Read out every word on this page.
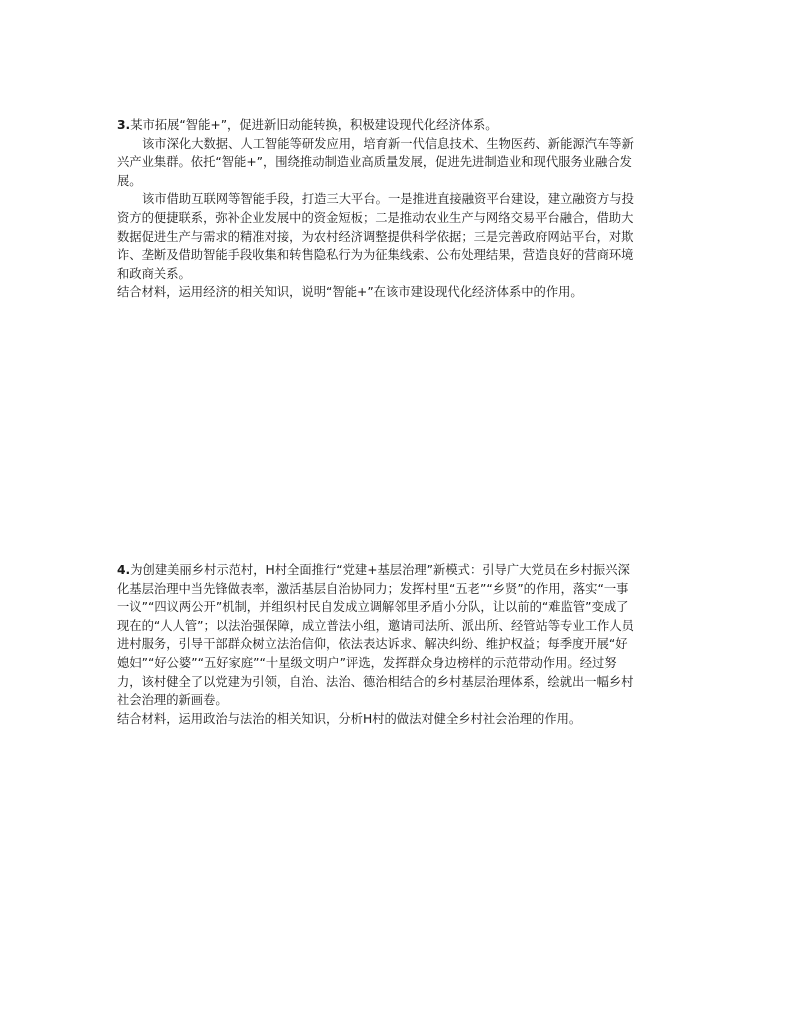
3.某市拓展“智能+”，促进新旧动能转换，积极建设现代化经济体系。

该市深化大数据、人工智能等研发应用，培育新一代信息技术、生物医药、新能源汽车等新兴产业集群。依托“智能+”，围绕推动制造业高质量发展，促进先进制造业和现代服务业融合发展。

该市借助互联网等智能手段，打造三大平台。一是推进直接融资平台建设，建立融资方与投资方的便捷联系，弥补企业发展中的资金短板；二是推动农业生产与网络交易平台融合，借助大数据促进生产与需求的精准对接，为农村经济调整提供科学依据；三是完善政府网站平台，对欺诈、垄断及借助智能手段收集和转售隐私行为为征集线索、公布处理结果，营造良好的营商环境和政商关系。

结合材料，运用经济的相关知识，说明“智能+”在该市建设现代化经济体系中的作用。

4.为创建美丽乡村示范村，H村全面推行“党建+基层治理”新模式：引导广大党员在乡村振兴深化基层治理中当先锋做表率，激活基层自治协同力；发挥村里“五老”“乡贤”的作用，落实“一事一议”“四议两公开”机制，并组织村民自发成立调解邻里矛盾小分队，让以前的“难监管”变成了现在的“人人管”；以法治强保障，成立普法小组，邀请司法所、派出所、经管站等专业工作人员进村服务，引导干部群众树立法治信仰，依法表达诉求、解决纠纷、维护权益；每季度开展“好媳妇”“好公婆”“五好家庭”“十星级文明户”评选，发挥群众身边榜样的示范带动作用。经过努力，该村健全了以党建为引领，自治、法治、德治相结合的乡村基层治理体系，绘就出一幅乡村社会治理的新画卷。

结合材料，运用政治与法治的相关知识，分析H村的做法对健全乡村社会治理的作用。
